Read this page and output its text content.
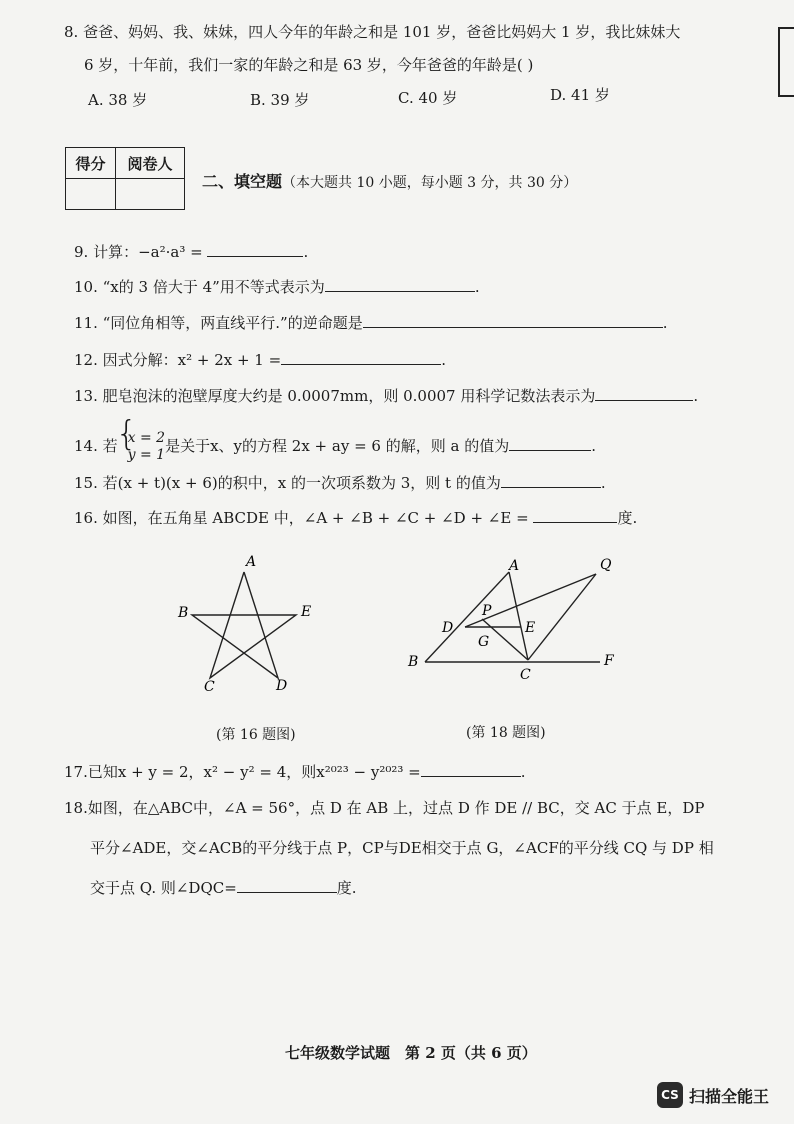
8. 爸爸、妈妈、我、妹妹，四人今年的年龄之和是 101 岁，爸爸比妈妈大 1 岁，我比妹妹大
6 岁，十年前，我们一家的年龄之和是 63 岁，今年爸爸的年龄是( )
A. 38 岁	B. 39 岁	C. 40 岁	D. 41 岁
得分	阅卷人

二、填空题（本大题共 10 小题，每小题 3 分，共 30 分）
9. 计算：−a²·a³ =	.
10. “x的 3 倍大于 4”用不等式表示为	.
11. “同位角相等，两直线平行.”的逆命题是	.
12. 因式分解：x² + 2x + 1 =	.
13. 肥皂泡沫的泡壁厚度大约是 0.0007mm，则 0.0007 用科学记数法表示为	.
14. 若 { x = 2
y = 1是关于x、y的方程 2x + ay = 6 的解，则 a 的值为	.
15. 若(x + t)(x + 6)的积中，x 的一次项系数为 3，则 t 的值为	.
16. 如图，在五角星 ABCDE 中，∠A + ∠B + ∠C + ∠D + ∠E =	度.
A
B	E
C	D
(第 16 题图)
A	Q
P
D
G
E
B
C
F
(第 18 题图)
17.已知x + y = 2，x² − y² = 4，则x²⁰²³ − y²⁰²³ =	.
18.如图，在△ABC中，∠A = 56°，点 D 在 AB 上，过点 D 作 DE // BC，交 AC 于点 E，DP
平分∠ADE，交∠ACB的平分线于点 P，CP与DE相交于点 G，∠ACF的平分线 CQ 与 DP 相
交于点 Q. 则∠DQC=	度.
七年级数学试题　第 2 页（共 6 页）
CS 扫描全能王
